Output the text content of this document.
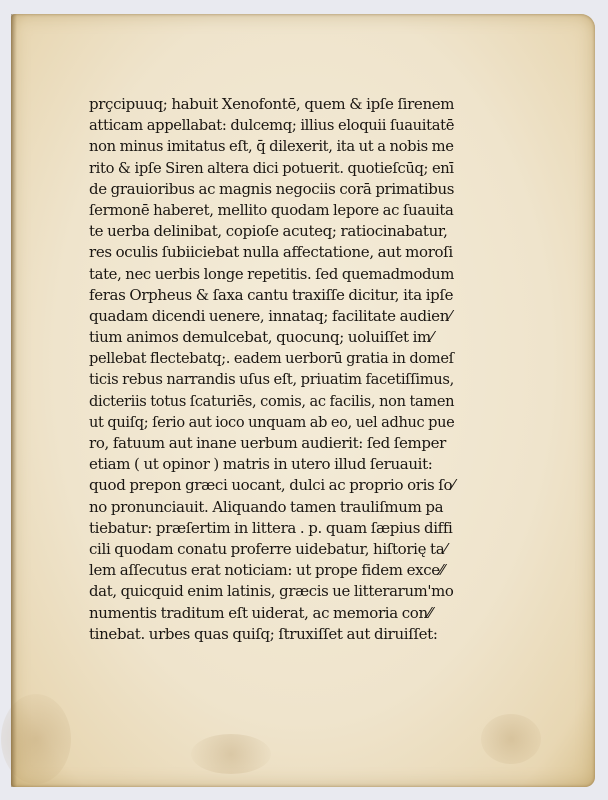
prҫcipuuq; habuit Xenofontē, quem & ipſe ſirenem
atticam appellabat: dulcemq; illius eloquii ſuauitatē
non minus imitatus eſt, q̄ dilexerit, ita ut a nobis me
rito & ipſe Siren altera dici potuerit. quotieſcūq; enī
de grauioribus ac magnis negociis corā primatibus
ſermonē haberet, mellito quodam lepore ac ſuauita
te uerba delinibat, copioſe acuteq; ratiocinabatur,
res oculis ſubiiciebat nulla affectatione, aut moroſi
tate, nec uerbis longe repetitis. ſed quemadmodum
feras Orpheus & ſaxa cantu traxiſſe dicitur, ita ipſe
quadam dicendi uenere, innataq; facilitate audien⁄
tium animos demulcebat, quocunq; uoluiſſet im⁄
pellebat flectebatq;. eadem uerborū gratia in domeſ
ticis rebus narrandis uſus eſt, priuatim facetiſſimus,
dicteriis totus ſcaturiēs, comis, ac facilis, non tamen
ut quiſq; ſerio aut ioco unquam ab eo, uel adhuc pue
ro, fatuum aut inane uerbum audierit: ſed ſemper
etiam ( ut opinor ) matris in utero illud ſeruauit:
quod prepon græci uocant, dulci ac proprio oris ſo⁄
no pronunciauit. Aliquando tamen trauliſmum pa
tiebatur: præſertim in littera . p. quam ſæpius diffi
cili quodam conatu proferre uidebatur, hiſtorię ta⁄
lem aſſecutus erat noticiam: ut prope fidem exce⁄⁄
dat, quicquid enim latinis, græcis ue litterarum'mo
numentis traditum eſt uiderat, ac memoria con⁄⁄
tinebat. urbes quas quiſq; ſtruxiſſet aut diruiſſet:
